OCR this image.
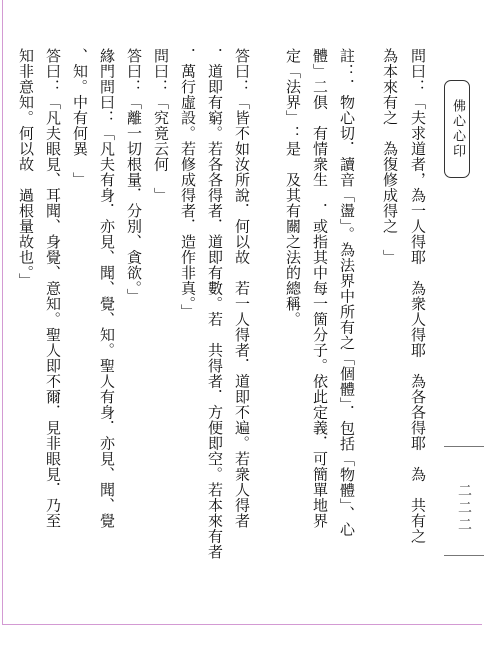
問曰：「夫求道者，為一人得耶　為衆人得耶　為各各得耶　為　共有之
為本來有之　為復修成得之　」
註：．物心切．讀音「盪」。為法界中所有之「個體」．包括「物體」、心
體」二俱　有情衆生　．或指其中每一箇分子。依此定義．可簡單地界
定「法界」：是　及其有關之法的總稱。
答曰：「皆不如汝所說．何以故　若一人得者．道即不遍。若衆人得者
．道即有窮。若各各得者．道即有數。若　共得者．方便即空。若本來有者
．萬行虛設。若修成得者．造作非真。」
問曰：「究竟云何　」
答曰：「離一切根量．分別、貪欲。」
緣門問曰：「凡夫有身．亦見、聞、覺、知。聖人有身．亦見、聞、覺
、知。中有何異　」
答曰：「凡夫眼見、耳聞、身覺、意知。聖人即不爾．見非眼見．乃至
知非意知。何以故　過根量故也。」	佛心心印
二二二
